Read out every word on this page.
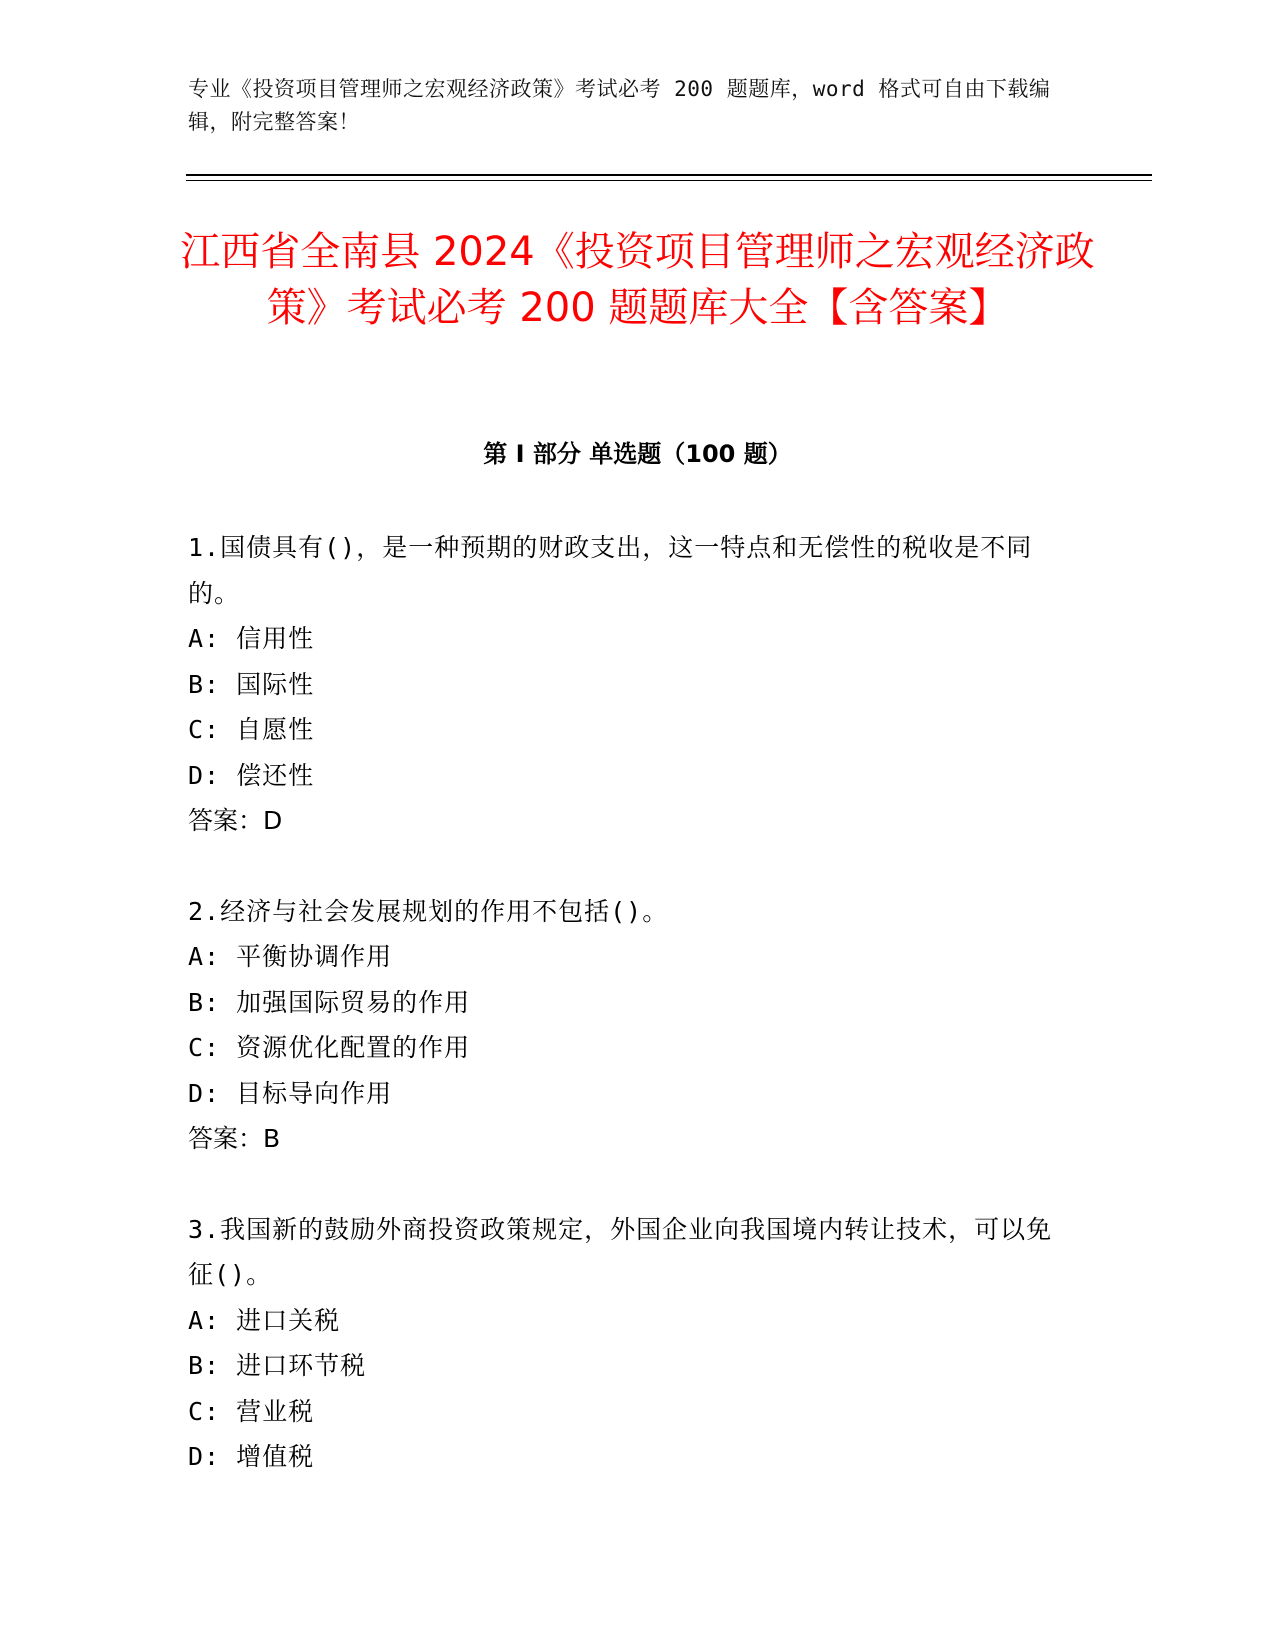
专业《投资项目管理师之宏观经济政策》考试必考 200 题题库，word 格式可自由下载编辑，附完整答案！
江西省全南县 2024《投资项目管理师之宏观经济政策》考试必考 200 题题库大全【含答案】
第 I 部分 单选题（100 题）

1.国债具有()，是一种预期的财政支出，这一特点和无偿性的税收是不同的。

A: 信用性

B: 国际性

C: 自愿性

D: 偿还性

答案：D

2.经济与社会发展规划的作用不包括()。

A: 平衡协调作用

B: 加强国际贸易的作用

C: 资源优化配置的作用

D: 目标导向作用

答案：B

3.我国新的鼓励外商投资政策规定，外国企业向我国境内转让技术，可以免征()。

A: 进口关税

B: 进口环节税

C: 营业税

D: 增值税
